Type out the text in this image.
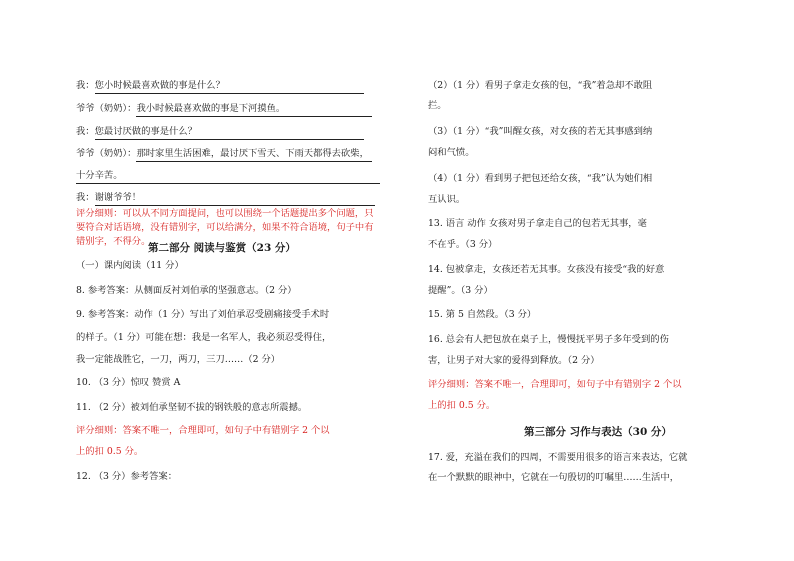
我：您小时候最喜欢做的事是什么？
爷爷（奶奶）：我小时候最喜欢做的事是下河摸鱼。
我：您最讨厌做的事是什么？
爷爷（奶奶）：那时家里生活困难，最讨厌下雪天、下雨天都得去砍柴，
十分辛苦。
我：谢谢爷爷！
评分细则：可以从不同方面提问，也可以围绕一个话题提出多个问题，只
要符合对话语境，没有错别字，可以给满分，如果不符合语境，句子中有
错别字，不得分。
第二部分 阅读与鉴赏（23 分）
（一）课内阅读（11 分）
8. 参考答案：从侧面反衬刘伯承的坚强意志。（2 分）
9. 参考答案：动作（1 分）写出了刘伯承忍受剧痛接受手术时
的样子。（1 分）可能在想：我是一名军人，我必须忍受得住，
我一定能战胜它，一刀，两刀，三刀……（2 分）
10. （3 分）惊叹 赞赏 A
11. （2 分）被刘伯承坚韧不拔的钢铁般的意志所震撼。
评分细则：答案不唯一，合理即可，如句子中有错别字 2 个以
上的扣 0.5 分。
12. （3 分）参考答案：
（2）（1 分）看男子拿走女孩的包，“我”着急却不敢阻
拦。
（3）（1 分）“我”叫醒女孩，对女孩的若无其事感到纳
闷和气愤。
（4）（1 分）看到男子把包还给女孩，“我”认为她们相
互认识。
13. 语言 动作 女孩对男子拿走自己的包若无其事，毫
不在乎。（3 分）
14. 包被拿走，女孩还若无其事。女孩没有接受“我的好意
提醒”。（3 分）
15. 第 5 自然段。（3 分）
16. 总会有人把包放在桌子上，慢慢抚平男子多年受到的伤
害，让男子对大家的爱得到释放。（2 分）
评分细则：答案不唯一，合理即可，如句子中有错别字 2 个以
上的扣 0.5 分。
第三部分 习作与表达（30 分）
17. 爱，充溢在我们的四周，不需要用很多的语言来表达，它就
在一个默默的眼神中，它就在一句殷切的叮嘱里……生活中，
